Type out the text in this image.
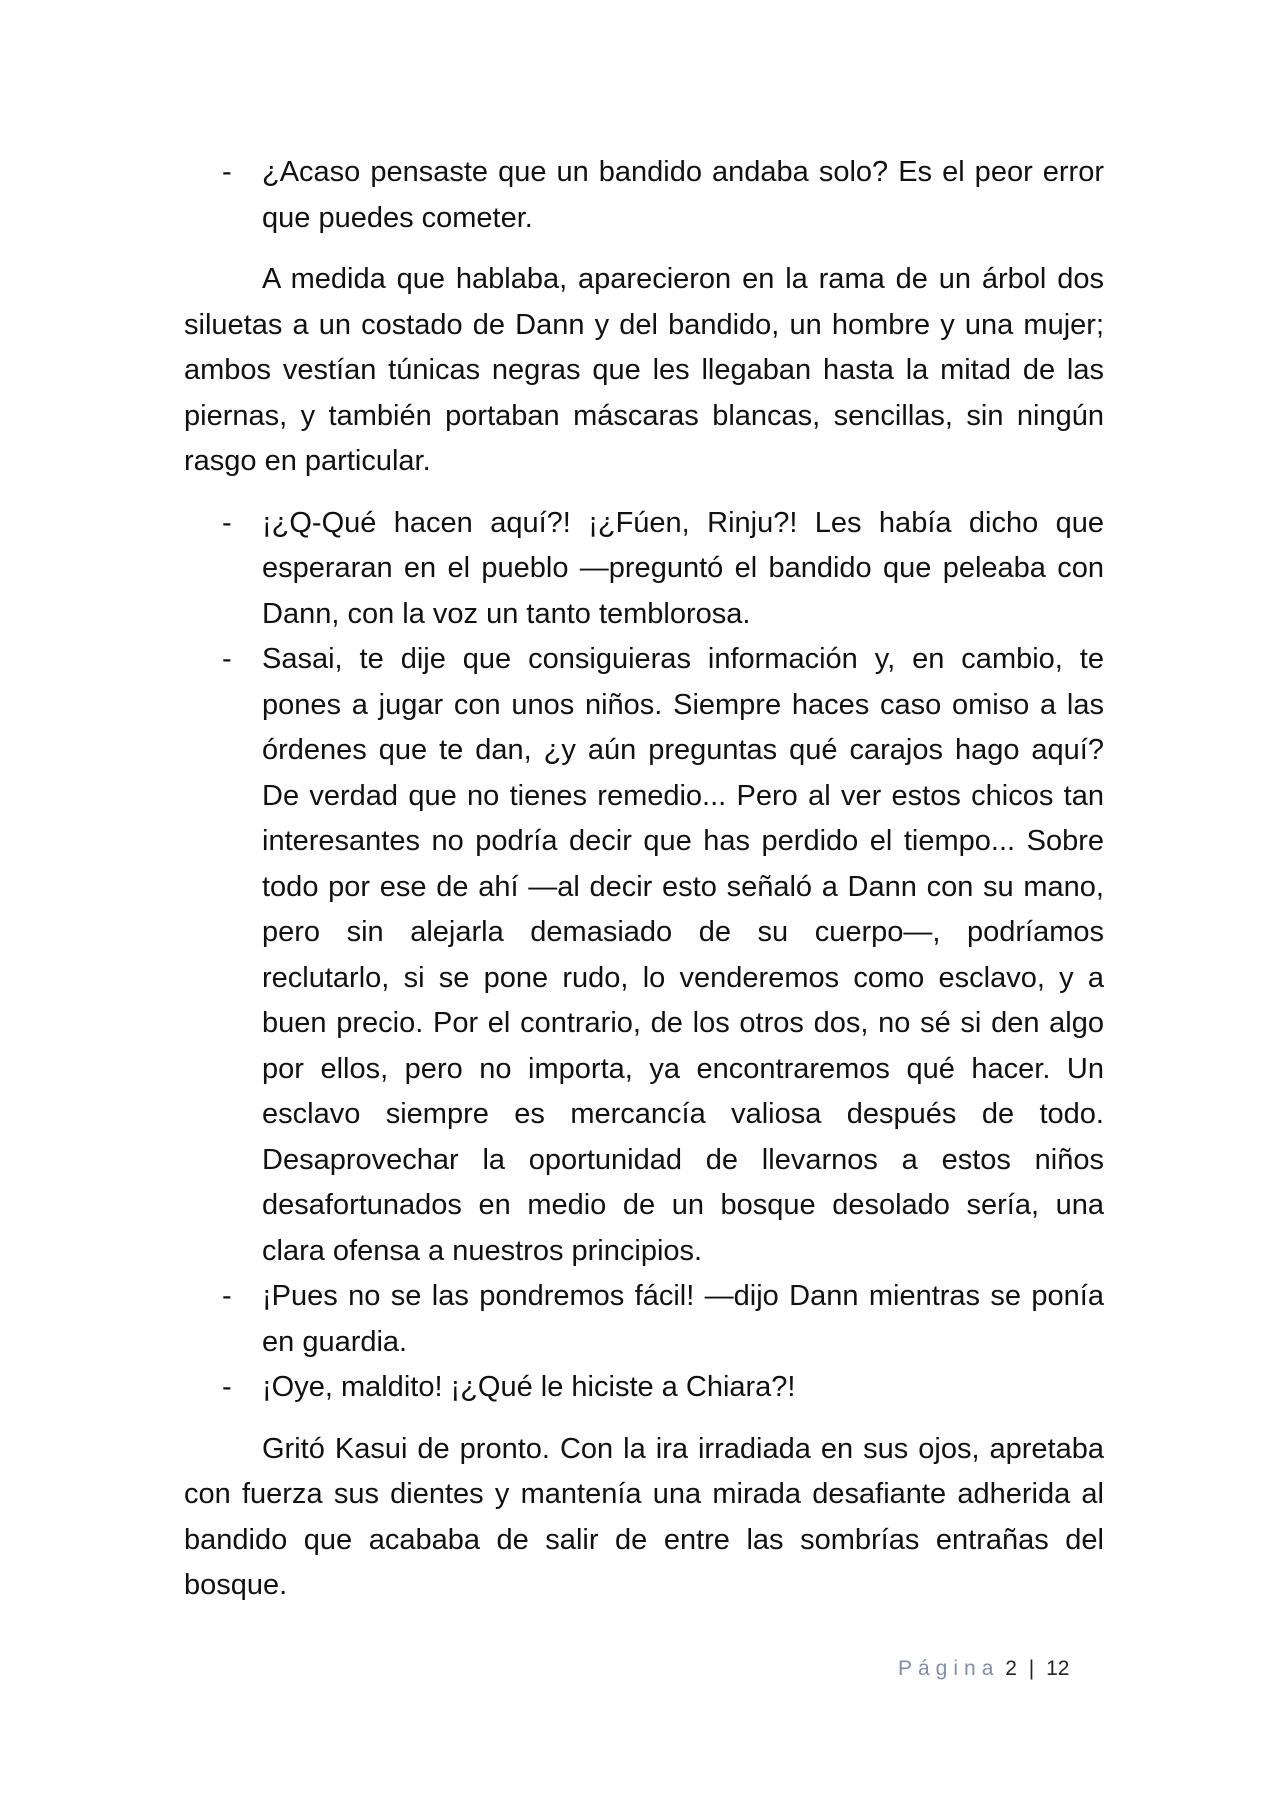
- ¿Acaso pensaste que un bandido andaba solo? Es el peor error que puedes cometer.

A medida que hablaba, aparecieron en la rama de un árbol dos siluetas a un costado de Dann y del bandido, un hombre y una mujer; ambos vestían túnicas negras que les llegaban hasta la mitad de las piernas, y también portaban máscaras blancas, sencillas, sin ningún rasgo en particular.

- ¡¿Q-Qué hacen aquí?! ¡¿Fúen, Rinju?! Les había dicho que esperaran en el pueblo —preguntó el bandido que peleaba con Dann, con la voz un tanto temblorosa.

- Sasai, te dije que consiguieras información y, en cambio, te pones a jugar con unos niños. Siempre haces caso omiso a las órdenes que te dan, ¿y aún preguntas qué carajos hago aquí? De verdad que no tienes remedio... Pero al ver estos chicos tan interesantes no podría decir que has perdido el tiempo... Sobre todo por ese de ahí —al decir esto señaló a Dann con su mano, pero sin alejarla demasiado de su cuerpo—, podríamos reclutarlo, si se pone rudo, lo venderemos como esclavo, y a buen precio. Por el contrario, de los otros dos, no sé si den algo por ellos, pero no importa, ya encontraremos qué hacer. Un esclavo siempre es mercancía valiosa después de todo. Desaprovechar la oportunidad de llevarnos a estos niños desafortunados en medio de un bosque desolado sería, una clara ofensa a nuestros principios.

- ¡Pues no se las pondremos fácil! —dijo Dann mientras se ponía en guardia.

- ¡Oye, maldito! ¡¿Qué le hiciste a Chiara?!

Gritó Kasui de pronto. Con la ira irradiada en sus ojos, apretaba con fuerza sus dientes y mantenía una mirada desafiante adherida al bandido que acababa de salir de entre las sombrías entrañas del bosque.

Página 2 | 12
